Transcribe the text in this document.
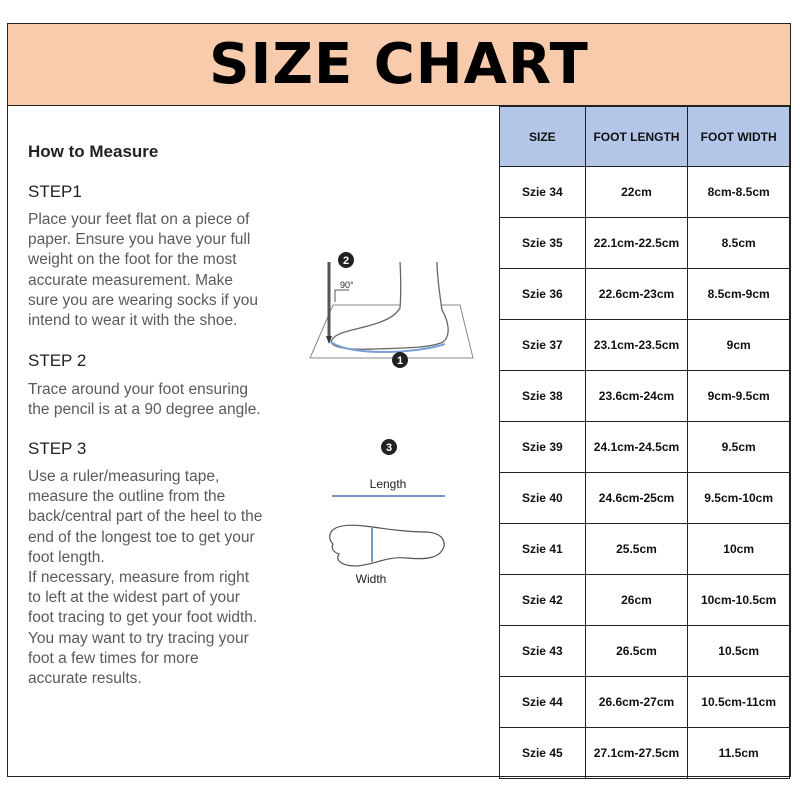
SIZE CHART
How to Measure
STEP1
Place your feet flat on a piece of
paper. Ensure you have your full
weight on the foot for the most
accurate measurement. Make
sure you are wearing socks if you
intend to wear it with the shoe.
STEP 2
Trace around your foot ensuring
the pencil is at a 90 degree angle.
STEP 3
Use a ruler/measuring tape,
measure the outline from the
back/central part of the heel to the
end of the longest toe to get your
foot length.
If necessary, measure from right
to left at the widest part of your
foot tracing to get your foot width.
You may want to try tracing your
foot a few times for more
accurate results.
SIZE	FOOT LENGTH	FOOT WIDTH
Szie 34	22cm	8cm-8.5cm
Szie 35	22.1cm-22.5cm	8.5cm
Szie 36	22.6cm-23cm	8.5cm-9cm
Szie 37	23.1cm-23.5cm	9cm
Szie 38	23.6cm-24cm	9cm-9.5cm
Szie 39	24.1cm-24.5cm	9.5cm
Szie 40	24.6cm-25cm	9.5cm-10cm
Szie 41	25.5cm	10cm
Szie 42	26cm	10cm-10.5cm
Szie 43	26.5cm	10.5cm
Szie 44	26.6cm-27cm	10.5cm-11cm
Szie 45	27.1cm-27.5cm	11.5cm
90°
2
1
3
Length
Width
